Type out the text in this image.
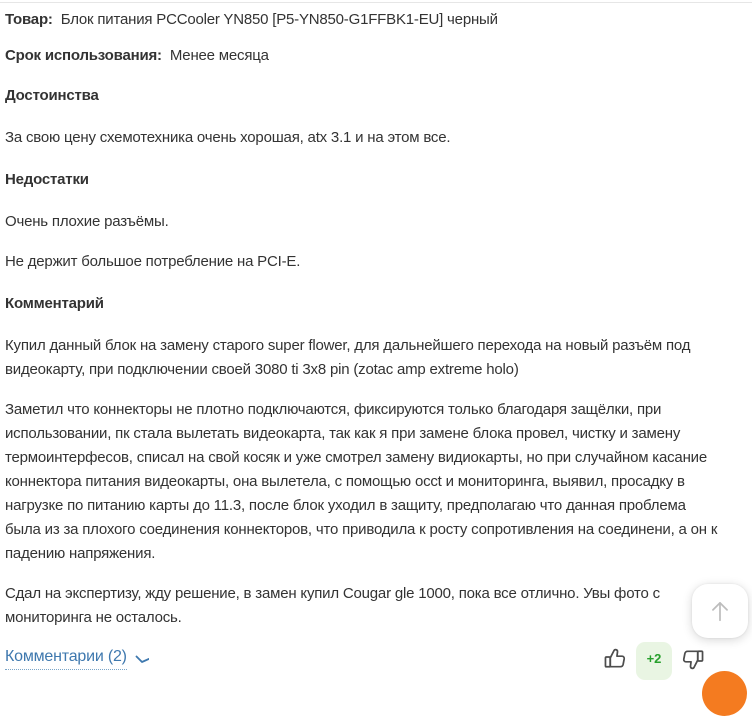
Товар: Блок питания PCCooler YN850 [P5-YN850-G1FFBK1-EU] черный
Срок использования: Менее месяца
Достоинства

За свою цену схемотехника очень хорошая, atx 3.1 и на этом все.

Недостатки

Очень плохие разъёмы.

Не держит большое потребление на PCI-E.

Комментарий

Купил данный блок на замену старого super flower, для дальнейшего перехода на новый разъём под видеокарту, при подключении своей 3080 ti 3x8 pin (zotac amp extreme holo)

Заметил что коннекторы не плотно подключаются, фиксируются только благодаря защёлки, при использовании, пк стала вылетать видеокарта, так как я при замене блока провел, чистку и замену термоинтерфесов, списал на свой косяк и уже смотрел замену видиокарты, но при случайном касание коннектора питания видеокарты, она вылетела, с помощью occt и мониторинга, выявил, просадку в нагрузке по питанию карты до 11.3, после блок уходил в защиту, предполагаю что данная проблема была из за плохого соединения коннекторов, что приводила к росту сопротивления на соединени, а он к падению напряжения.

Сдал на экспертизу, жду решение, в замен купил Cougar gle 1000, пока все отлично. Увы фото с мониторинга не осталось.

Комментарии (2)	+2
